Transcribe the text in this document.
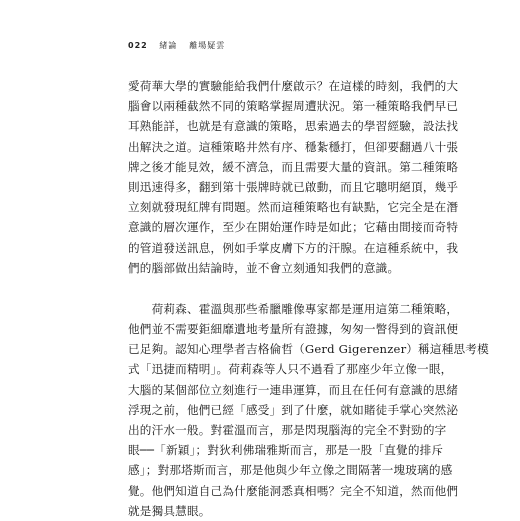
022 緒論 離場疑雲

愛荷華大學的實驗能給我們什麼啟示？在這樣的時刻，我們的大
腦會以兩種截然不同的策略掌握周遭狀況。第一種策略我們早已
耳熟能詳，也就是有意識的策略，思索過去的學習經驗，設法找
出解決之道。這種策略井然有序、穩紮穩打，但卻要翻過八十張
牌之後才能見效，緩不濟急，而且需要大量的資訊。第二種策略
則迅速得多，翻到第十張牌時就已啟動，而且它聰明絕頂，幾乎
立刻就發現紅牌有問題。然而這種策略也有缺點，它完全是在潛
意識的層次運作，至少在開始運作時是如此；它藉由間接而奇特
的管道發送訊息，例如手掌皮膚下方的汗腺。在這種系統中，我
們的腦部做出結論時，並不會立刻通知我們的意識。

　　荷莉森、霍溫與那些希臘雕像專家都是運用這第二種策略，
他們並不需要鉅細靡遺地考量所有證據，匆匆一瞥得到的資訊便
已足夠。認知心理學者吉格倫哲（Gerd Gigerenzer）稱這種思考模
式「迅捷而精明」。荷莉森等人只不過看了那座少年立像一眼，
大腦的某個部位立刻進行一連串運算，而且在任何有意識的思緒
浮現之前，他們已經「感受」到了什麼，就如賭徒手掌心突然泌
出的汗水一般。對霍溫而言，那是閃現腦海的完全不對勁的字
眼──「新穎」；對狄利佛瑞雅斯而言，那是一股「直覺的排斥
感」；對那塔斯而言，那是他與少年立像之間隔著一塊玻璃的感
覺。他們知道自己為什麼能洞悉真相嗎？完全不知道，然而他們
就是獨具慧眼。
